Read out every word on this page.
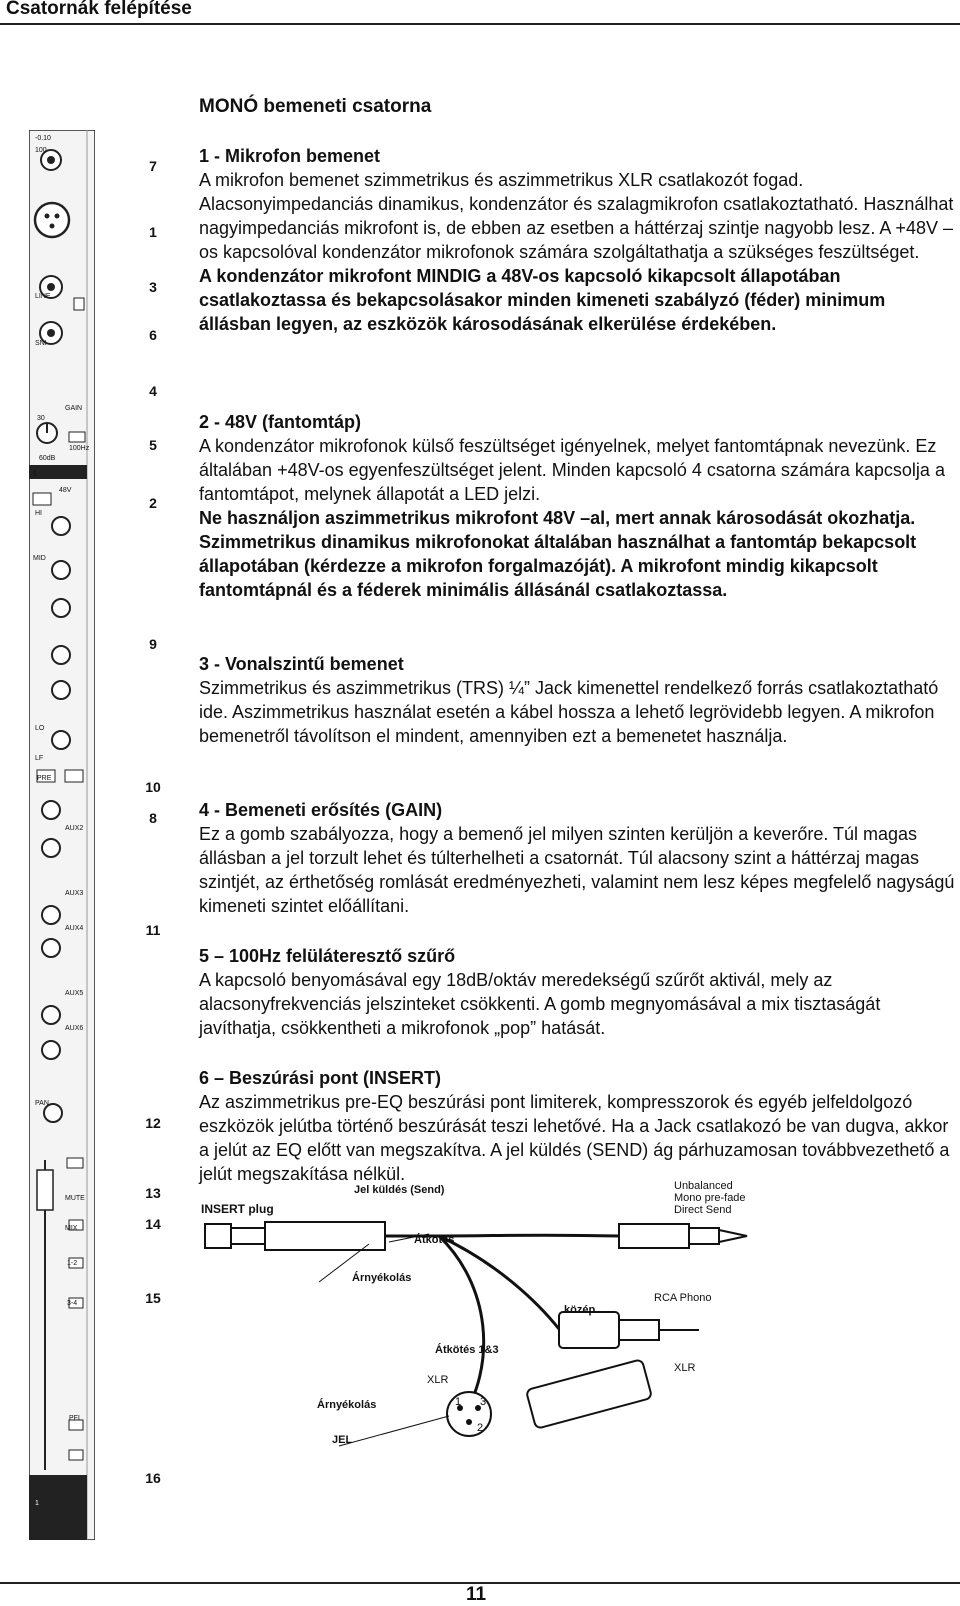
Csatornák felépítése
-0.10
100
GAIN
LINE
SNI
30
60dB
100Hz
1
48V
HI
MID
LO
LF
PRE
AUX2
AUX3
AUX4
AUX5
AUX6
PAN
MUTE
MIX
1-2
3-4
PFL
1
7
1
3
6
4
5
2
9
10
8
11
12
13
14
15
16
MONÓ bemeneti csatorna

1 - Mikrofon bemenet

A mikrofon bemenet szimmetrikus és aszimmetrikus XLR csatlakozót fogad. Alacsonyimpedanciás dinamikus, kondenzátor és szalagmikrofon csatlakoztatható. Használhat nagyimpedanciás mikrofont is, de ebben az esetben a háttérzaj szintje nagyobb lesz. A +48V –os kapcsolóval kondenzátor mikrofonok számára szolgáltathatja a szükséges feszültséget.

A kondenzátor mikrofont MINDIG a 48V-os kapcsoló kikapcsolt állapotában csatlakoztassa és bekapcsolásakor minden kimeneti szabályzó (féder) minimum állásban legyen, az eszközök károsodásának elkerülése érdekében.

2 - 48V (fantomtáp)

A kondenzátor mikrofonok külső feszültséget igényelnek, melyet fantomtápnak nevezünk. Ez általában +48V-os egyenfeszültséget jelent. Minden kapcsoló 4 csatorna számára kapcsolja a fantomtápot, melynek állapotát a LED jelzi.

Ne használjon aszimmetrikus mikrofont 48V –al, mert annak károsodását okozhatja. Szimmetrikus dinamikus mikrofonokat általában használhat a fantomtáp bekapcsolt állapotában (kérdezze a mikrofon forgalmazóját). A mikrofont mindig kikapcsolt fantomtápnál és a féderek minimális állásánál csatlakoztassa.

3 - Vonalszintű bemenet

Szimmetrikus és aszimmetrikus (TRS) ¼” Jack kimenettel rendelkező forrás csatlakoztatható ide. Aszimmetrikus használat esetén a kábel hossza a lehető legrövidebb legyen. A mikrofon bemenetről távolítson el mindent, amennyiben ezt a bemenetet használja.

4 - Bemeneti erősítés (GAIN)

Ez a gomb szabályozza, hogy a bemenő jel milyen szinten kerüljön a keverőre. Túl magas állásban a jel torzult lehet és túlterhelheti a csatornát. Túl alacsony szint a háttérzaj magas szintjét, az érthetőség romlását eredményezheti, valamint nem lesz képes megfelelő nagyságú kimeneti szintet előállítani.

5 – 100Hz felüláteresztő szűrő

A kapcsoló benyomásával egy 18dB/oktáv meredekségű szűrőt aktivál, mely az alacsonyfrekvenciás jelszinteket csökkenti. A gomb megnyomásával a mix tisztaságát javíthatja, csökkentheti a mikrofonok „pop” hatását.

6 – Beszúrási pont (INSERT)

Az aszimmetrikus pre-EQ beszúrási pont limiterek, kompresszorok és egyéb jelfeldolgozó eszközök jelútba történő beszúrását teszi lehetővé. Ha a Jack csatlakozó be van dugva, akkor a jelút az EQ előtt van megszakítva. A jel küldés (SEND) ág párhuzamosan továbbvezethető a jelút megszakítása nélkül.

INSERT plug
Jel küldés (Send)	Unbalanced
Mono pre-fade
Direct Send
Átkötés
Árnyékolás
közép
RCA Phono
Átkötés 1&3
XLR
XLR
Árnyékolás
JEL
1 3
2
11
